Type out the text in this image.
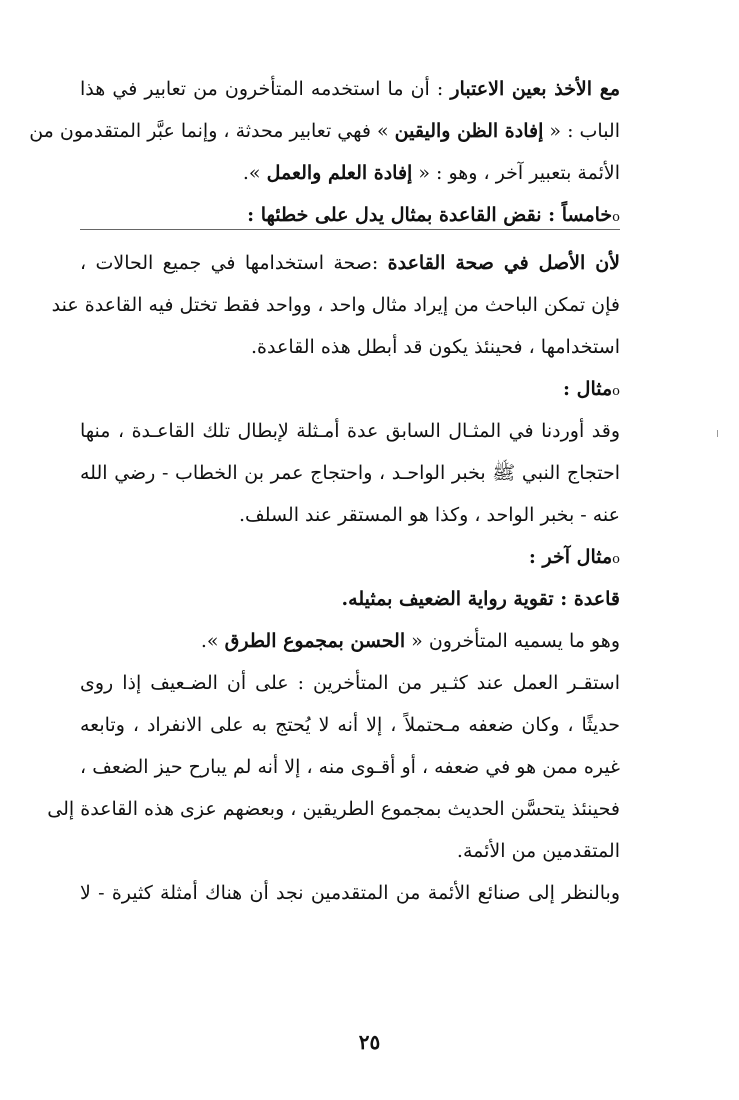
مع الأخذ بعين الاعتبار : أن ما استخدمه المتأخرون من تعابير في هذا
الباب : « إفادة الظن واليقين » فهي تعابير محدثة ، وإنما عبَّر المتقدمون من
الأئمة بتعبير آخر ، وهو : « إفادة العلم والعمل ».
oخامساً : نقض القاعدة بمثال يدل على خطئها :
لأن الأصل في صحة القاعدة :صحة استخدامها في جميع الحالات ،
فإن تمكن الباحث من إيراد مثال واحد ، وواحد فقط تختل فيه القاعدة عند
استخدامها ، فحينئذ يكون قد أبطل هذه القاعدة.
oمثال :
وقد أوردنا في المثـال السابق عدة أمـثلة لإبطال تلك القاعـدة ، منها
احتجاج النبي ﷺ بخبر الواحـد ، واحتجاج عمر بن الخطاب - رضي الله
عنه - بخبر الواحد ، وكذا هو المستقر عند السلف.
oمثال آخر :
قاعدة : تقوية رواية الضعيف بمثيله.
وهو ما يسميه المتأخرون « الحسن بمجموع الطرق ».
استقـر العمل عند كثـير من المتأخرين : على أن الضـعيف إذا روى
حديثًا ، وكان ضعفه مـحتملاً ، إلا أنه لا يُحتج به على الانفراد ، وتابعه
غيره ممن هو في ضعفه ، أو أقـوى منه ، إلا أنه لم يبارح حيز الضعف ،
فحينئذ يتحسَّن الحديث بمجموع الطريقين ، وبعضهم عزى هذه القاعدة إلى
المتقدمين من الأئمة.
وبالنظر إلى صنائع الأئمة من المتقدمين نجد أن هناك أمثلة كثيرة - لا
٢٥
